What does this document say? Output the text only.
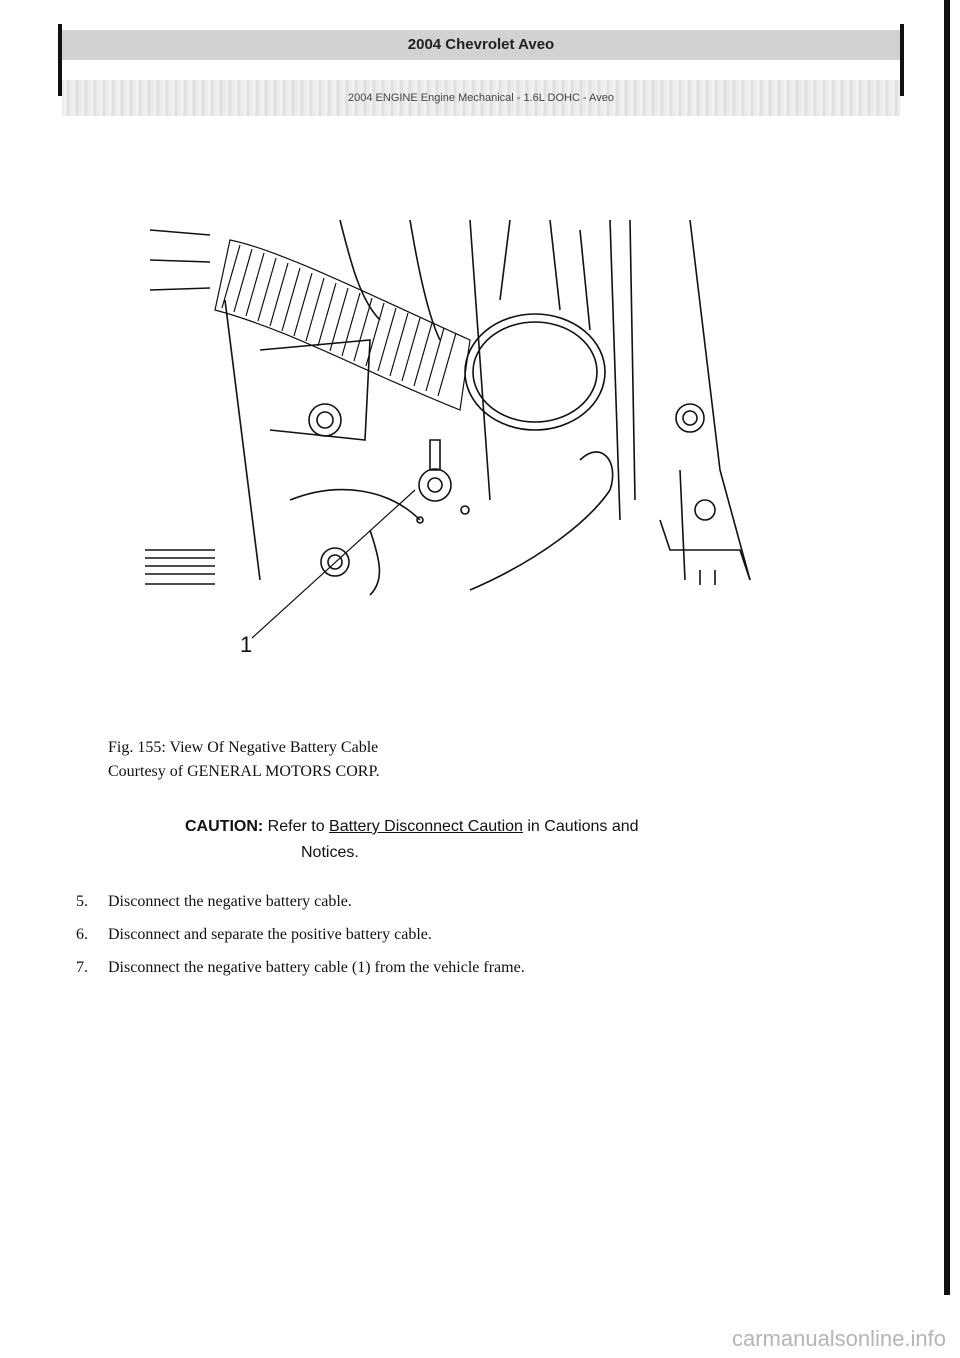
2004 Chevrolet Aveo
2004 ENGINE Engine Mechanical - 1.6L DOHC - Aveo
1
Fig. 155: View Of Negative Battery Cable
Courtesy of GENERAL MOTORS CORP.
CAUTION: Refer to Battery Disconnect Caution in Cautions and
Notices.
5.	Disconnect the negative battery cable.
6.	Disconnect and separate the positive battery cable.
7.	Disconnect the negative battery cable (1) from the vehicle frame.
carmanualsonline.info
